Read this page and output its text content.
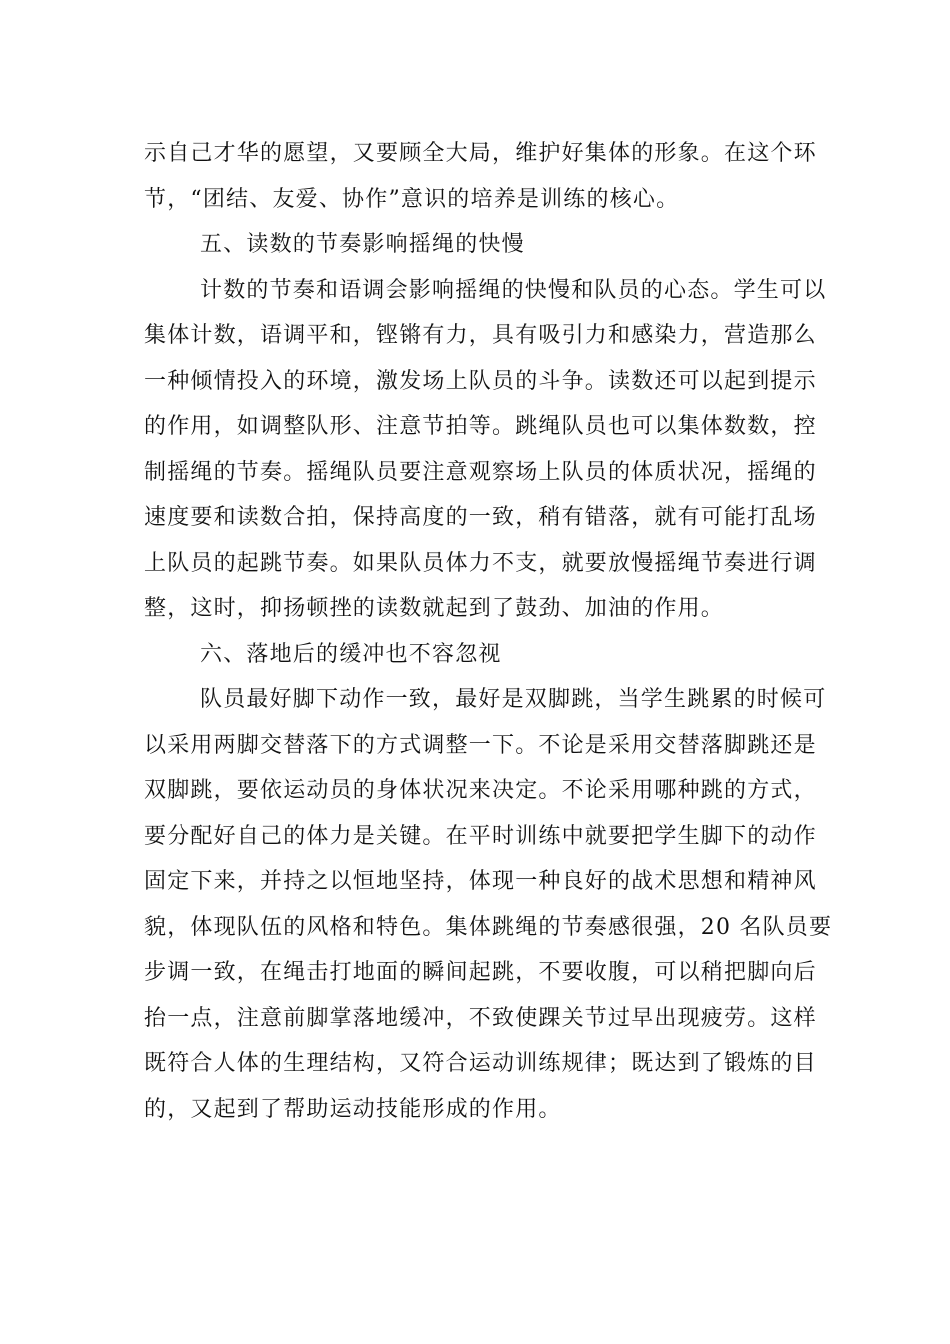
示自己才华的愿望，又要顾全大局，维护好集体的形象。在这个环
节，“团结、友爱、协作”意识的培养是训练的核心。
五、读数的节奏影响摇绳的快慢
计数的节奏和语调会影响摇绳的快慢和队员的心态。学生可以
集体计数，语调平和，铿锵有力，具有吸引力和感染力，营造那么
一种倾情投入的环境，激发场上队员的斗争。读数还可以起到提示
的作用，如调整队形、注意节拍等。跳绳队员也可以集体数数，控
制摇绳的节奏。摇绳队员要注意观察场上队员的体质状况，摇绳的
速度要和读数合拍，保持高度的一致，稍有错落，就有可能打乱场
上队员的起跳节奏。如果队员体力不支，就要放慢摇绳节奏进行调
整，这时，抑扬顿挫的读数就起到了鼓劲、加油的作用。
六、落地后的缓冲也不容忽视
队员最好脚下动作一致，最好是双脚跳，当学生跳累的时候可
以采用两脚交替落下的方式调整一下。不论是采用交替落脚跳还是
双脚跳，要依运动员的身体状况来决定。不论采用哪种跳的方式，
要分配好自己的体力是关键。在平时训练中就要把学生脚下的动作
固定下来，并持之以恒地坚持，体现一种良好的战术思想和精神风
貌，体现队伍的风格和特色。集体跳绳的节奏感很强，20 名队员要
步调一致，在绳击打地面的瞬间起跳，不要收腹，可以稍把脚向后
抬一点，注意前脚掌落地缓冲，不致使踝关节过早出现疲劳。这样
既符合人体的生理结构，又符合运动训练规律；既达到了锻炼的目
的，又起到了帮助运动技能形成的作用。
